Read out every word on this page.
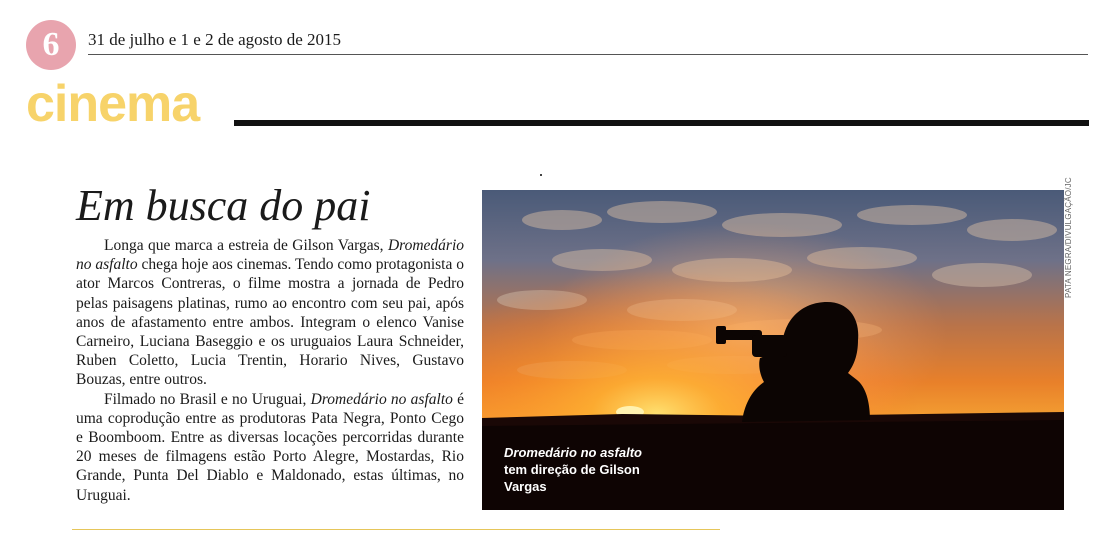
6 31 de julho e 1 e 2 de agosto de 2015
cinema
Em busca do pai

Longa que marca a estreia de Gilson Vargas, Dromedário no asfalto chega hoje aos cinemas. Tendo como protagonista o ator Marcos Contreras, o filme mostra a jornada de Pedro pelas paisagens platinas, rumo ao encontro com seu pai, após anos de afastamento entre ambos. Integram o elenco Vanise Carneiro, Luciana Baseggio e os uruguaios Laura Schneider, Ruben Coletto, Lucia Trentin, Horario Nives, Gustavo Bouzas, entre outros.

Filmado no Brasil e no Uruguai, Dromedário no asfalto é uma coprodução entre as produtoras Pata Negra, Ponto Cego e Boomboom. Entre as diversas locações percorridas durante 20 meses de filmagens estão Porto Alegre, Mostardas, Rio Grande, Punta Del Diablo e Maldonado, estas últimas, no Uruguai.

Dromedário no asfalto tem direção de Gilson Vargas
PATA NEGRA/DIVULGAÇÃO/JC
